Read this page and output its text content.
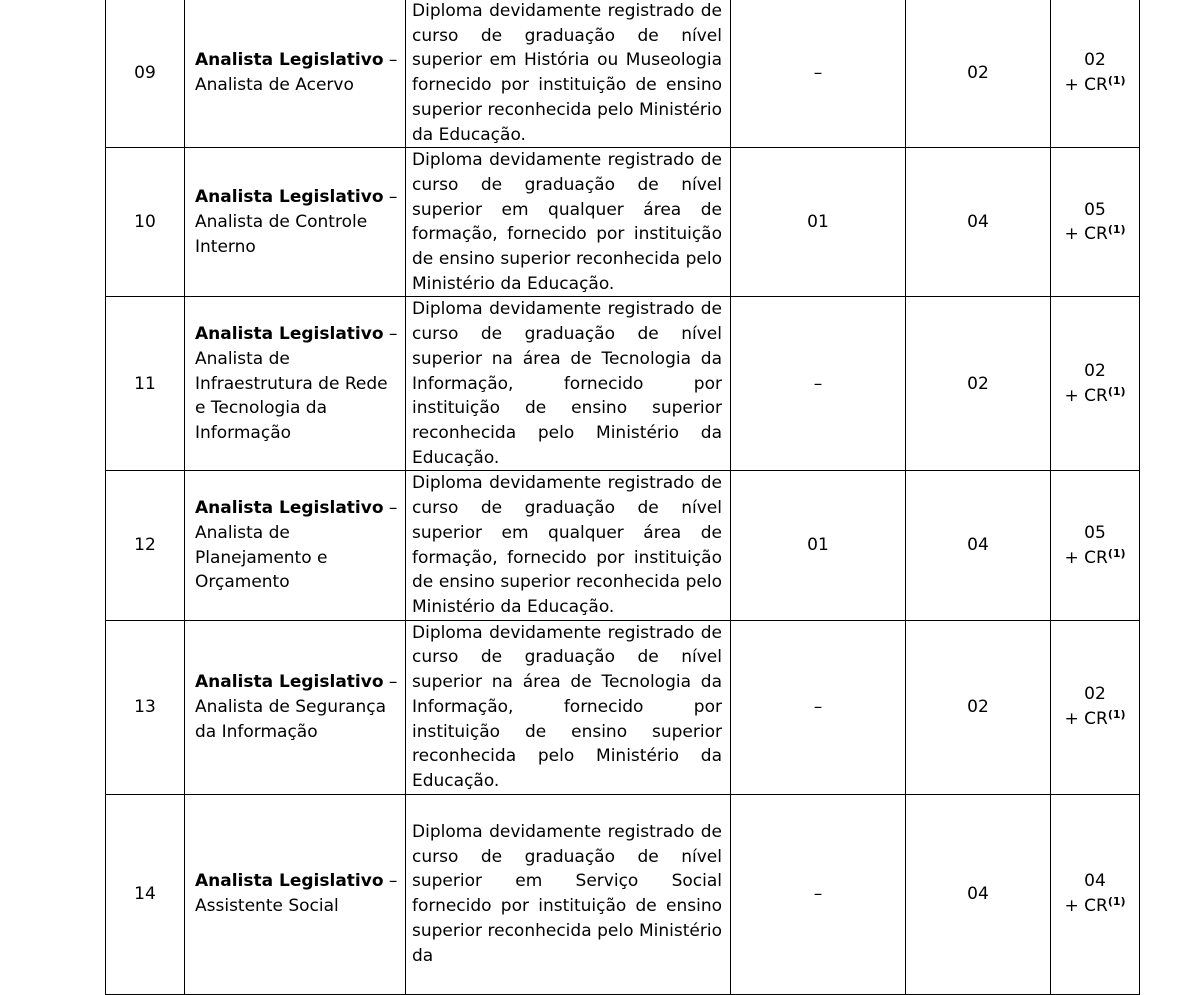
09	Analista Legislativo –
Analista de Acervo	Diploma devidamente registrado de curso de graduação de nível superior em História ou Museologia fornecido por instituição de ensino superior reconhecida pelo Ministério da Educação.	–	02	02
+ $CR^{(1)}$

10	Analista Legislativo –
Analista de Controle Interno	Diploma devidamente registrado de curso de graduação de nível superior em qualquer área de formação, fornecido por instituição de ensino superior reconhecida pelo Ministério da Educação.	01	04	05
+ $CR^{(1)}$

11	Analista Legislativo –
Analista de Infraestrutura de Rede e Tecnologia da Informação	Diploma devidamente registrado de curso de graduação de nível superior na área de Tecnologia da Informação, fornecido por instituição de ensino superior reconhecida pelo Ministério da Educação.	–	02	02
+ $CR^{(1)}$

12	Analista Legislativo –
Analista de Planejamento e Orçamento	Diploma devidamente registrado de curso de graduação de nível superior em qualquer área de formação, fornecido por instituição de ensino superior reconhecida pelo Ministério da Educação.	01	04	05
+ $CR^{(1)}$

13	Analista Legislativo –
Analista de Segurança da Informação	Diploma devidamente registrado de curso de graduação de nível superior na área de Tecnologia da Informação, fornecido por instituição de ensino superior reconhecida pelo Ministério da Educação.	–	02	02
+ $CR^{(1)}$

14	Analista Legislativo –
Assistente Social	Diploma devidamente registrado de curso de graduação de nível superior em Serviço Social fornecido por instituição de ensino superior reconhecida pelo Ministério da	–	04	04
+ $CR^{(1)}$
